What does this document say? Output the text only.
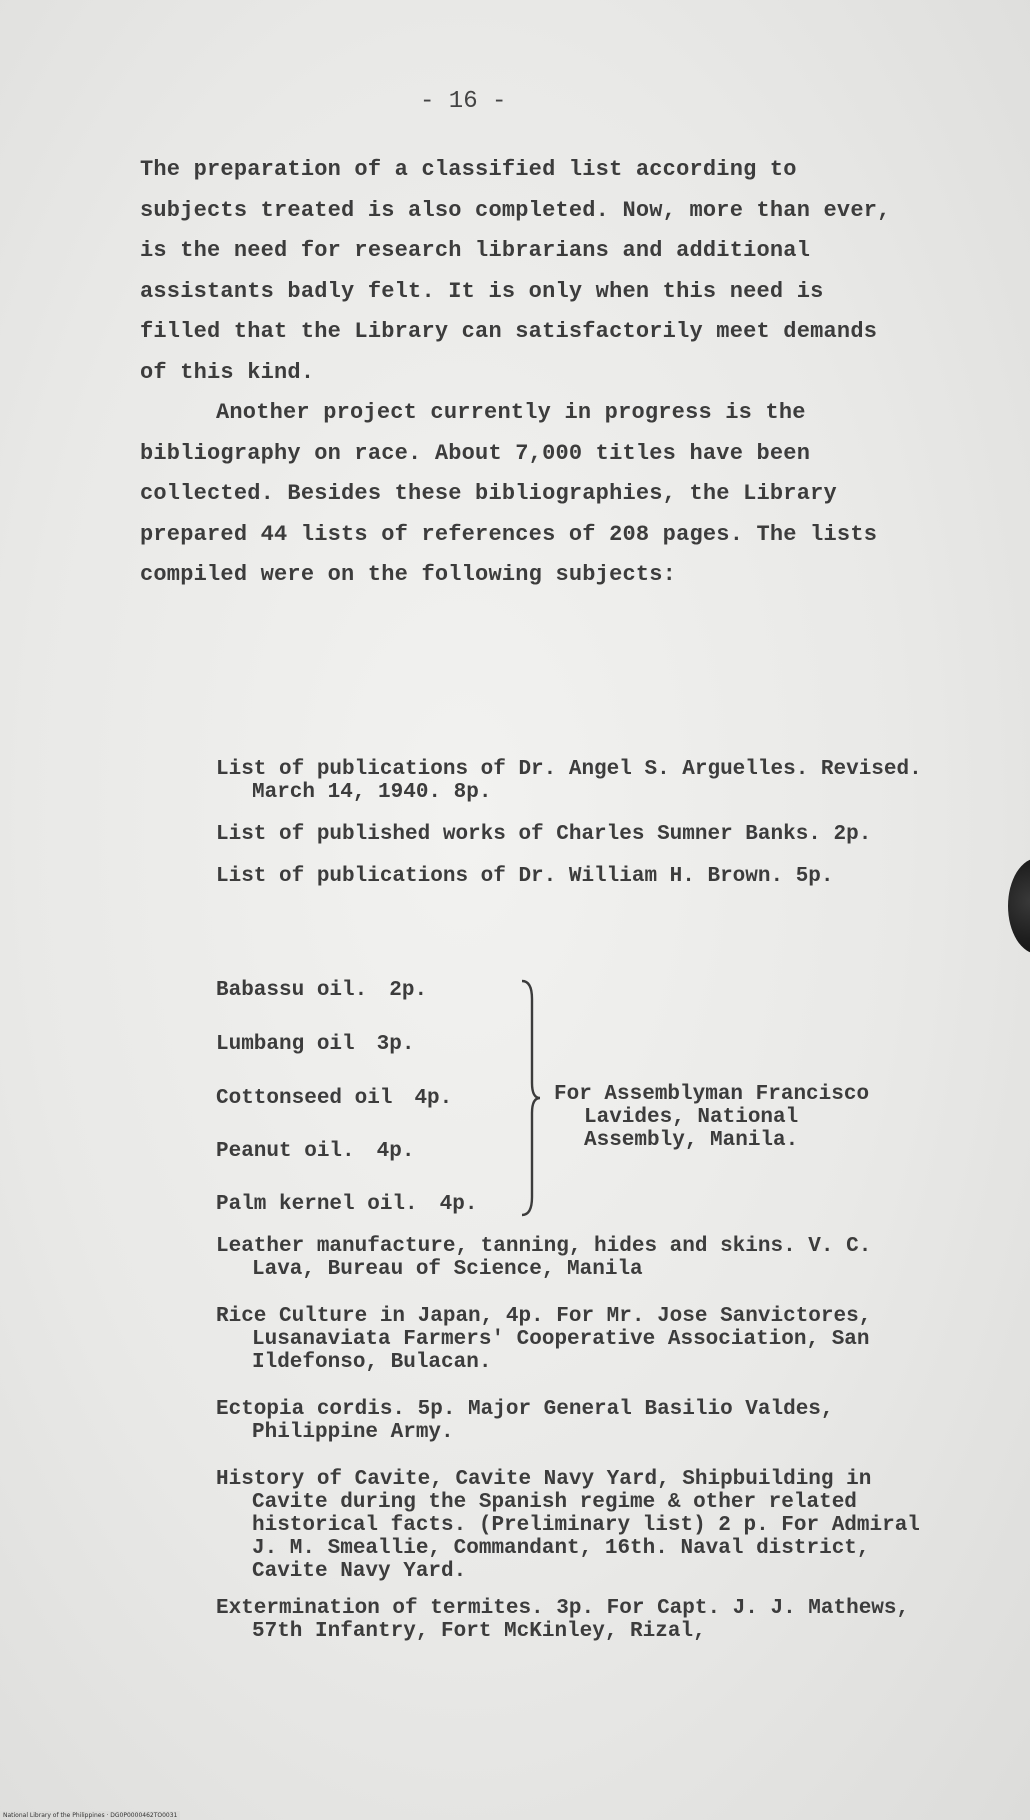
- 16 -

The preparation of a classified list according to subjects treated is also completed. Now, more than ever, is the need for research librarians and additional assistants badly felt. It is only when this need is filled that the Library can satisfactorily meet demands of this kind.

Another project currently in progress is the bibliography on race. About 7,000 titles have been collected. Besides these bibliographies, the Library prepared 44 lists of references of 208 pages. The lists compiled were on the following subjects:

List of publications of Dr. Angel S. Arguelles. Revised. March 14, 1940. 8p.

List of published works of Charles Sumner Banks. 2p.

List of publications of Dr. William H. Brown. 5p.

Babassu oil. 2p.
Lumbang oil 3p.
Cottonseed oil 4p.
Peanut oil. 4p.
Palm kernel oil. 4p.
For Assemblyman Francisco Lavides, National Assembly, Manila.

Leather manufacture, tanning, hides and skins. V. C. Lava, Bureau of Science, Manila

Rice Culture in Japan, 4p. For Mr. Jose Sanvictores, Lusanaviata Farmers' Cooperative Association, San Ildefonso, Bulacan.

Ectopia cordis. 5p. Major General Basilio Valdes, Philippine Army.

History of Cavite, Cavite Navy Yard, Shipbuilding in Cavite during the Spanish regime & other related historical facts. (Preliminary list) 2 p. For Admiral J. M. Smeallie, Commandant, 16th. Naval district, Cavite Navy Yard.

Extermination of termites. 3p. For Capt. J. J. Mathews, 57th Infantry, Fort McKinley, Rizal,

National Library of the Philippines · DG0P0000462TO0031
